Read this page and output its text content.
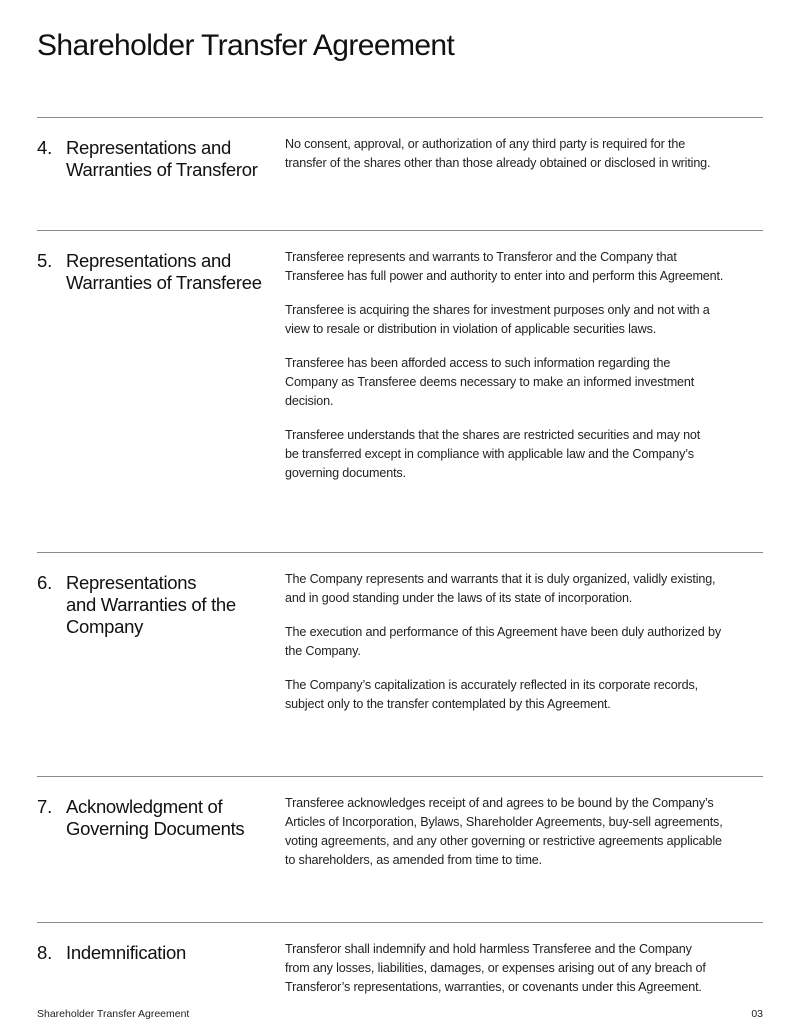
Shareholder Transfer Agreement
4. Representations and
Warranties of Transferor

No consent, approval, or authorization of any third party is required for the
transfer of the shares other than those already obtained or disclosed in writing.

5. Representations and
Warranties of Transferee

Transferee represents and warrants to Transferor and the Company that
Transferee has full power and authority to enter into and perform this Agreement.

Transferee is acquiring the shares for investment purposes only and not with a
view to resale or distribution in violation of applicable securities laws.

Transferee has been afforded access to such information regarding the
Company as Transferee deems necessary to make an informed investment
decision.

Transferee understands that the shares are restricted securities and may not
be transferred except in compliance with applicable law and the Company’s
governing documents.

6. Representations
and Warranties of the
Company

The Company represents and warrants that it is duly organized, validly existing,
and in good standing under the laws of its state of incorporation.

The execution and performance of this Agreement have been duly authorized by
the Company.

The Company’s capitalization is accurately reflected in its corporate records,
subject only to the transfer contemplated by this Agreement.

7. Acknowledgment of
Governing Documents

Transferee acknowledges receipt of and agrees to be bound by the Company’s
Articles of Incorporation, Bylaws, Shareholder Agreements, buy-sell agreements,
voting agreements, and any other governing or restrictive agreements applicable
to shareholders, as amended from time to time.

8. Indemnification	Transferor shall indemnify and hold harmless Transferee and the Company
from any losses, liabilities, damages, or expenses arising out of any breach of
Transferor’s representations, warranties, or covenants under this Agreement.

Shareholder Transfer Agreement	03
